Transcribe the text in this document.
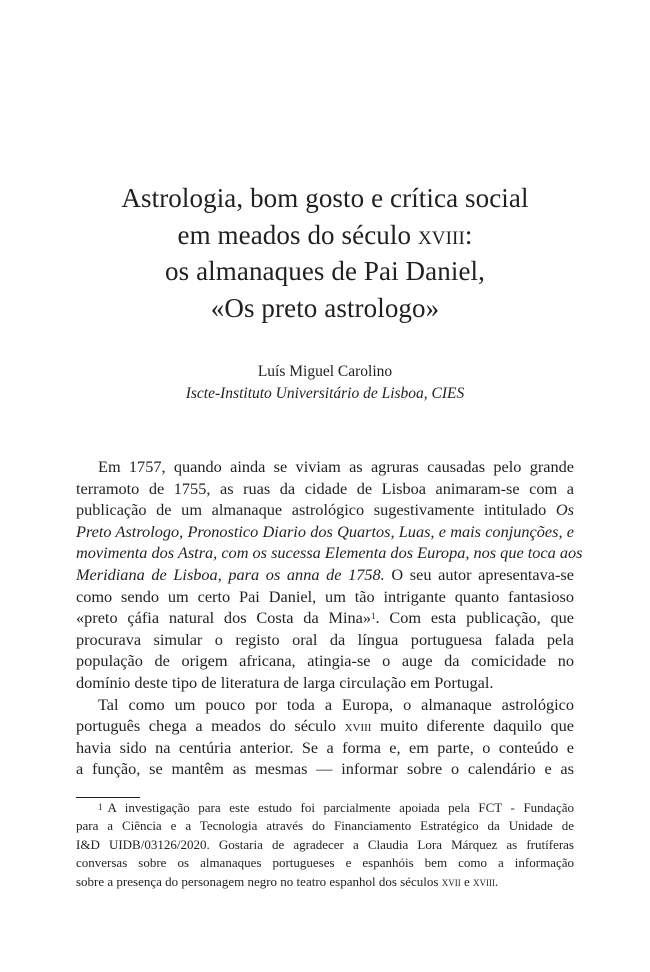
Astrologia, bom gosto e crítica social
em meados do século xviii:
os almanaques de Pai Daniel,
«Os preto astrologo»
Luís Miguel Carolino
Iscte-Instituto Universitário de Lisboa, CIES
Em 1757, quando ainda se viviam as agruras causadas pelo grande
terramoto de 1755, as ruas da cidade de Lisboa animaram-se com a
publicação de um almanaque astrológico sugestivamente intitulado Os
Preto Astrologo, Pronostico Diario dos Quartos, Luas, e mais conjunções, e
movimenta dos Astra, com os sucessa Elementa dos Europa, nos que toca aos
Meridiana de Lisboa, para os anna de 1758. O seu autor apresentava-se
como sendo um certo Pai Daniel, um tão intrigante quanto fantasioso
«preto çáfia natural dos Costa da Mina»$^1$. Com esta publicação, que
procurava simular o registo oral da língua portuguesa falada pela
população de origem africana, atingia-se o auge da comicidade no
domínio deste tipo de literatura de larga circulação em Portugal.
Tal como um pouco por toda a Europa, o almanaque astrológico
português chega a meados do século xviii muito diferente daquilo que
havia sido na centúria anterior. Se a forma e, em parte, o conteúdo e
a função, se mantêm as mesmas — informar sobre o calendário e as
$^1$ A investigação para este estudo foi parcialmente apoiada pela FCT - Fundação
para a Ciência e a Tecnologia através do Financiamento Estratégico da Unidade de
I&D UIDB/03126/2020. Gostaria de agradecer a Claudia Lora Márquez as frutíferas
conversas sobre os almanaques portugueses e espanhóis bem como a informação
sobre a presença do personagem negro no teatro espanhol dos séculos xvii e xviii.
